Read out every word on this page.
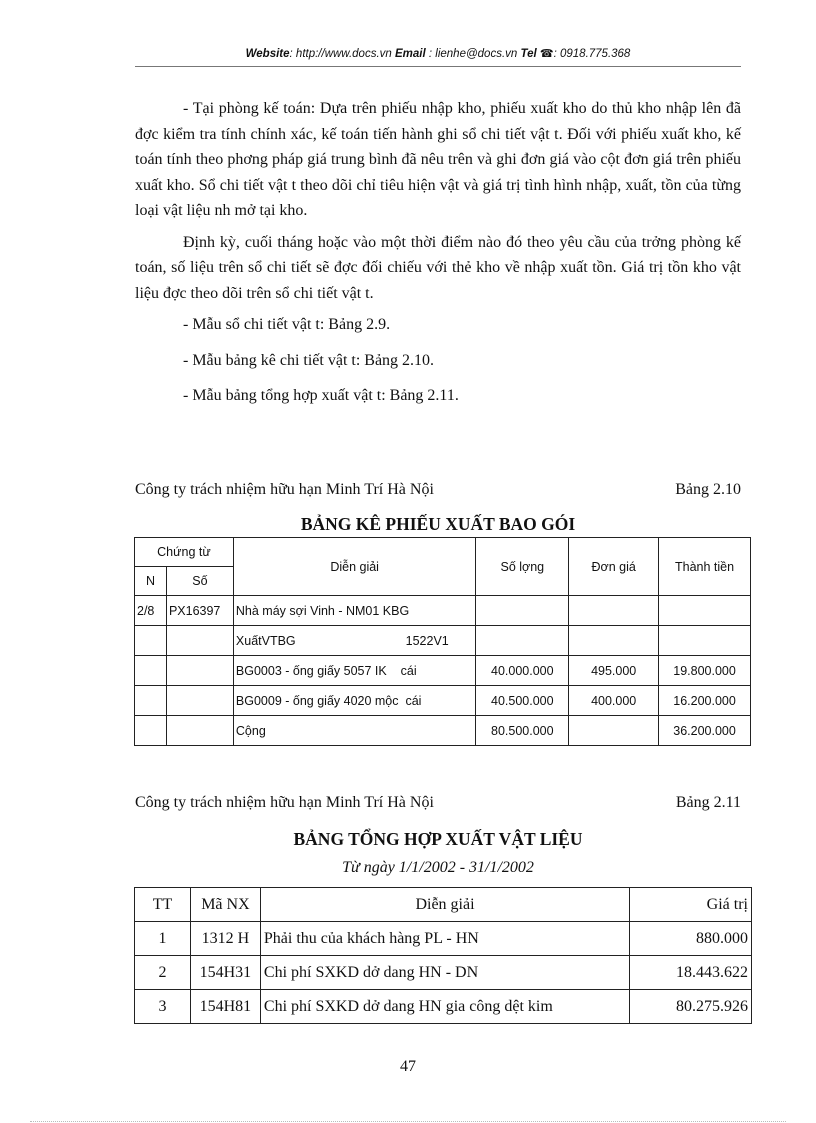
Website: http://www.docs.vn Email : lienhe@docs.vn Tel ☎: 0918.775.368

- Tại phòng kế toán: Dựa trên phiếu nhập kho, phiếu xuất kho do thủ kho nhập lên đã đợc kiểm tra tính chính xác, kế toán tiến hành ghi sổ chi tiết vật t. Đối với phiếu xuất kho, kế toán tính theo phơng pháp giá trung bình đã nêu trên và ghi đơn giá vào cột đơn giá trên phiếu xuất kho. Sổ chi tiết vật t theo dõi chỉ tiêu hiện vật và giá trị tình hình nhập, xuất, tồn của từng loại vật liệu nh mở tại kho.

Định kỳ, cuối tháng hoặc vào một thời điểm nào đó theo yêu cầu của trởng phòng kế toán, số liệu trên sổ chi tiết sẽ đợc đối chiếu với thẻ kho về nhập xuất tồn. Giá trị tồn kho vật liệu đợc theo dõi trên sổ chi tiết vật t.

- Mẫu sổ chi tiết vật t: Bảng 2.9.

- Mẫu bảng kê chi tiết vật t: Bảng 2.10.

- Mẫu bảng tổng hợp xuất vật t: Bảng 2.11.

Công ty trách nhiệm hữu hạn Minh Trí Hà Nội	Bảng 2.10
BẢNG KÊ PHIẾU XUẤT BAO GÓI
Chứng từ		Diễn giải	Số lợng	Đơn giá	Thành tiền
N	Số				
2/8	PX16397	Nhà máy sợi Vinh - NM01 KBG			
		XuấtVTBG 1522V1			
		BG0003 - ống giấy 5057 IK cái	40.000.000	495.000	19.800.000
		BG0009 - ống giấy 4020 mộc cái	40.500.000	400.000	16.200.000
		Cộng	80.500.000		36.200.000
Công ty trách nhiệm hữu hạn Minh Trí Hà Nội	Bảng 2.11
BẢNG TỔNG HỢP XUẤT VẬT LIỆU
Từ ngày 1/1/2002 - 31/1/2002
TT	Mã NX	Diễn giải	Giá trị
1	1312 H	Phải thu của khách hàng PL - HN	880.000
2	154H31	Chi phí SXKD dở dang HN - DN	18.443.622
3	154H81	Chi phí SXKD dở dang HN gia công dệt kim	80.275.926
47
